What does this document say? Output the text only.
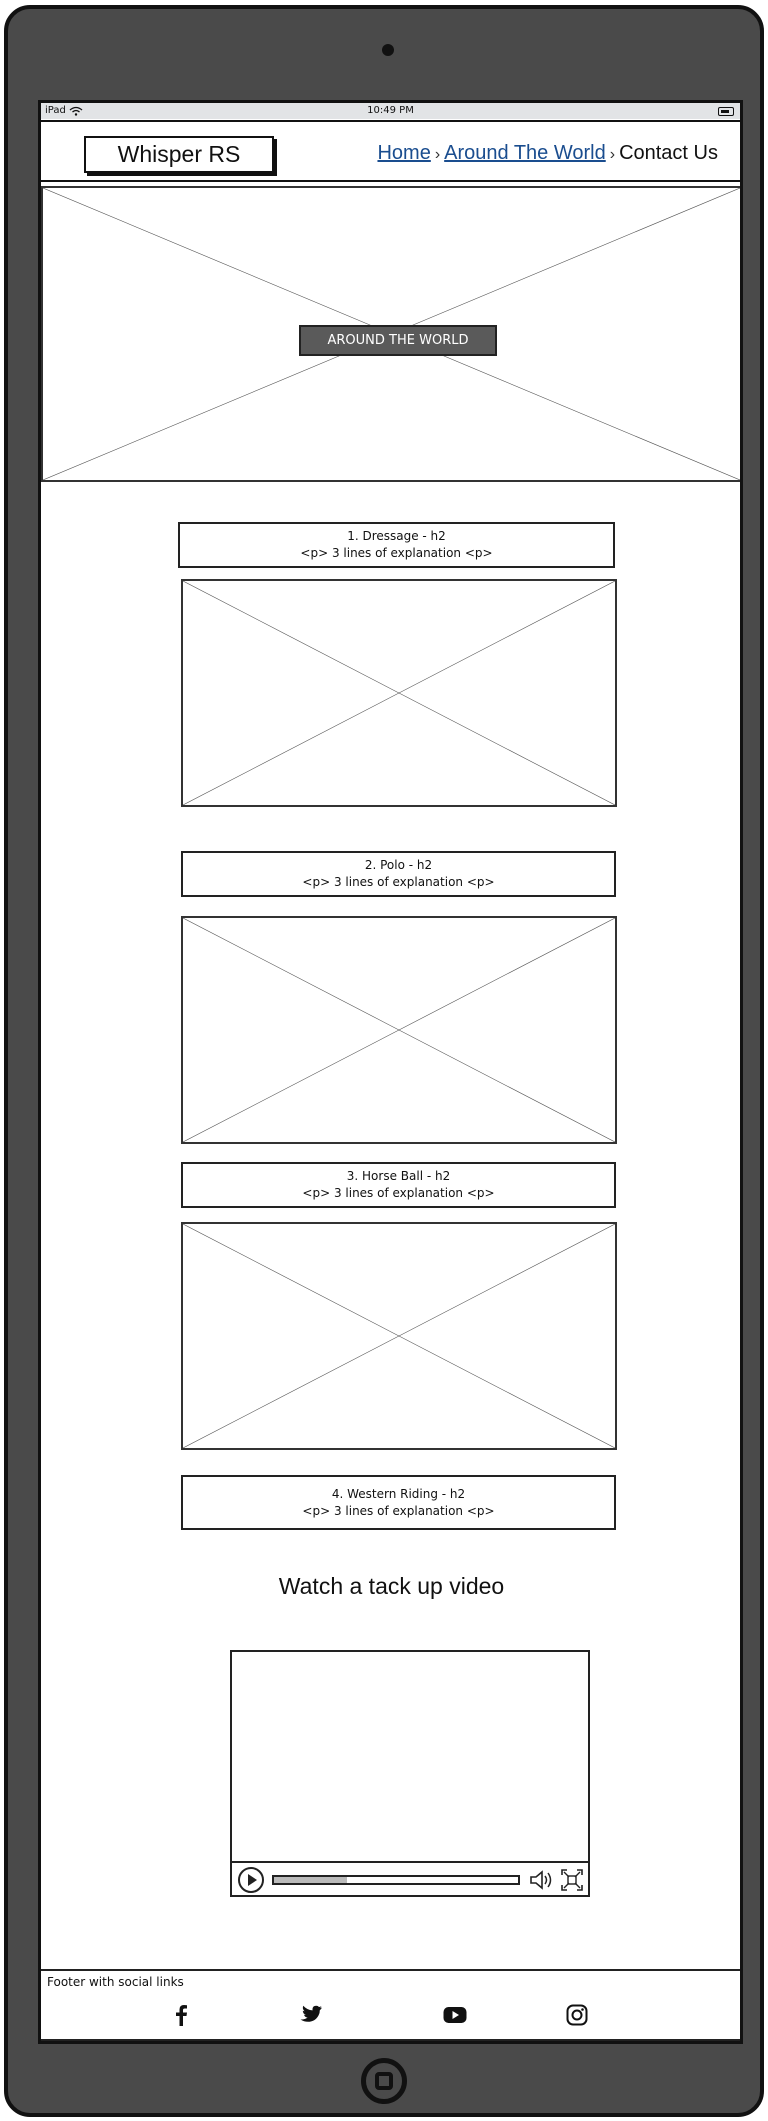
iPad	10:49 PM
Whisper RS	Home › Around The World › Contact Us
AROUND THE WORLD
1. Dressage - h2
<p> 3 lines of explanation <p>
2. Polo - h2
<p> 3 lines of explanation <p>
3. Horse Ball - h2
<p> 3 lines of explanation <p>
4. Western Riding - h2
<p> 3 lines of explanation <p>
Watch a tack up video
Footer with social links
